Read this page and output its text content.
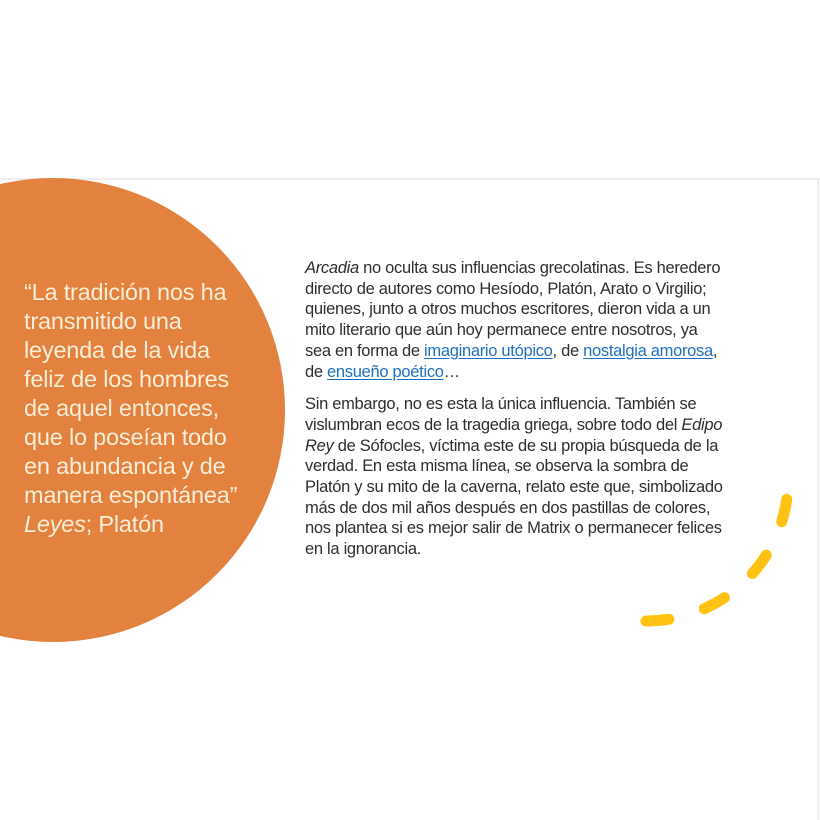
“La tradición nos ha
transmitido una
leyenda de la vida
feliz de los hombres
de aquel entonces,
que lo poseían todo
en abundancia y de
manera espontánea”
Leyes; Platón
Arcadia no oculta sus influencias grecolatinas. Es heredero
directo de autores como Hesíodo, Platón, Arato o Virgilio;
quienes, junto a otros muchos escritores, dieron vida a un
mito literario que aún hoy permanece entre nosotros, ya
sea en forma de imaginario utópico, de nostalgia amorosa,
de ensueño poético…
Sin embargo, no es esta la única influencia. También se
vislumbran ecos de la tragedia griega, sobre todo del Edipo
Rey de Sófocles, víctima este de su propia búsqueda de la
verdad. En esta misma línea, se observa la sombra de
Platón y su mito de la caverna, relato este que, simbolizado
más de dos mil años después en dos pastillas de colores,
nos plantea si es mejor salir de Matrix o permanecer felices
en la ignorancia.
